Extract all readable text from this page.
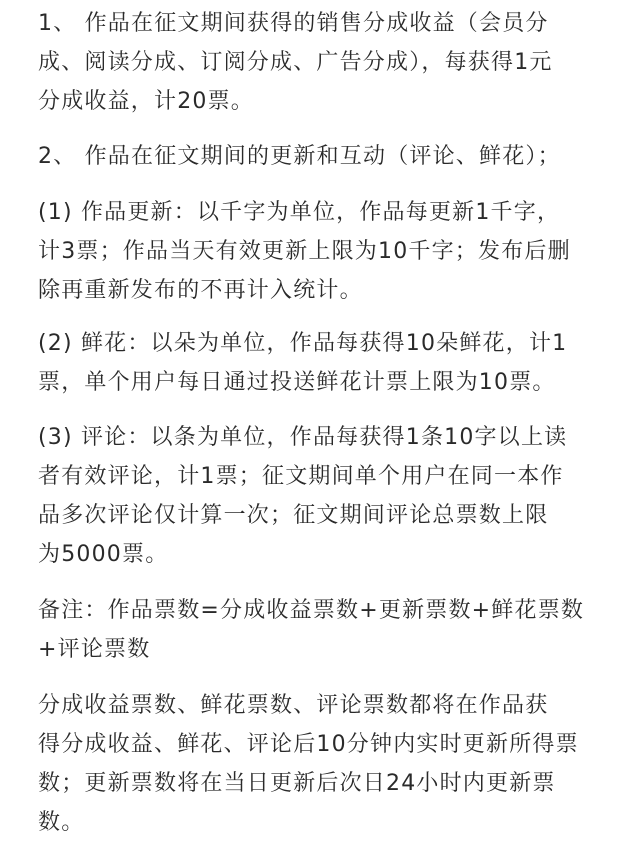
1、 作品在征文期间获得的销售分成收益（会员分
成、阅读分成、订阅分成、广告分成），每获得1元
分成收益，计20票。

2、 作品在征文期间的更新和互动（评论、鲜花）；

(1) 作品更新：以千字为单位，作品每更新1千字，
计3票；作品当天有效更新上限为10千字；发布后删
除再重新发布的不再计入统计。

(2) 鲜花：以朵为单位，作品每获得10朵鲜花，计1
票，单个用户每日通过投送鲜花计票上限为10票。

(3) 评论：以条为单位，作品每获得1条10字以上读
者有效评论，计1票；征文期间单个用户在同一本作
品多次评论仅计算一次；征文期间评论总票数上限
为5000票。

备注：作品票数=分成收益票数+更新票数+鲜花票数
+评论票数

分成收益票数、鲜花票数、评论票数都将在作品获
得分成收益、鲜花、评论后10分钟内实时更新所得票
数；更新票数将在当日更新后次日24小时内更新票
数。
